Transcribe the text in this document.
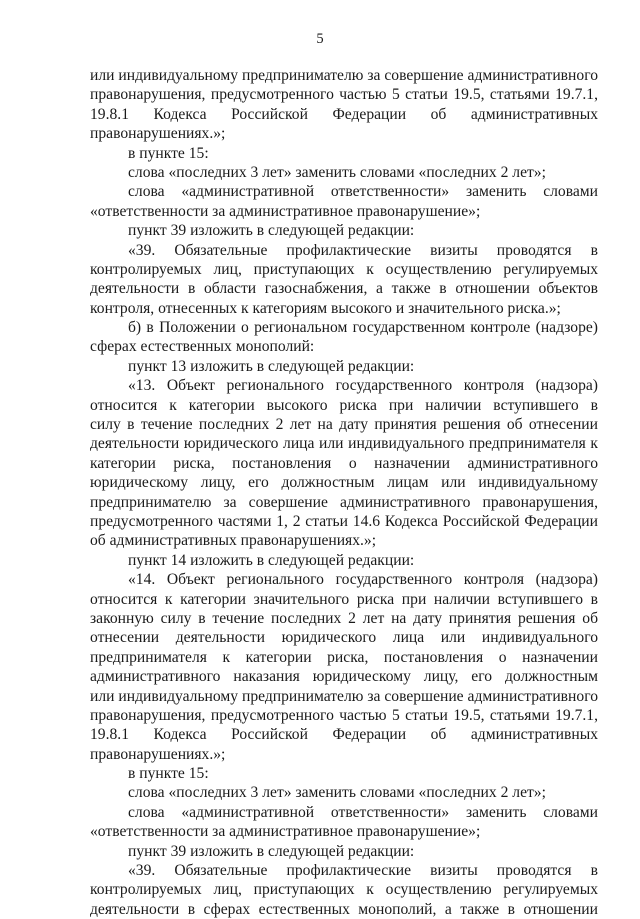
5
или индивидуальному предпринимателю за совершение административного
правонарушения, предусмотренного частью 5 статьи 19.5, статьями 19.7.1,
19.8.1 Кодекса Российской Федерации об административных
правонарушениях.»;
в пункте 15:
слова «последних 3 лет» заменить словами «последних 2 лет»;
слова «административной ответственности» заменить словами
«ответственности за административное правонарушение»;
пункт 39 изложить в следующей редакции:
«39. Обязательные профилактические визиты проводятся в
контролируемых лиц, приступающих к осуществлению регулируемых
деятельности в области газоснабжения, а также в отношении объектов
контроля, отнесенных к категориям высокого и значительного риска.»;
б) в Положении о региональном государственном контроле (надзоре)
сферах естественных монополий:
пункт 13 изложить в следующей редакции:
«13. Объект регионального государственного контроля (надзора)
относится к категории высокого риска при наличии вступившего в
силу в течение последних 2 лет на дату принятия решения об отнесении
деятельности юридического лица или индивидуального предпринимателя к
категории риска, постановления о назначении административного
юридическому лицу, его должностным лицам или индивидуальному
предпринимателю за совершение административного правонарушения,
предусмотренного частями 1, 2 статьи 14.6 Кодекса Российской Федерации
об административных правонарушениях.»;
пункт 14 изложить в следующей редакции:
«14. Объект регионального государственного контроля (надзора)
относится к категории значительного риска при наличии вступившего в
законную силу в течение последних 2 лет на дату принятия решения об
отнесении деятельности юридического лица или индивидуального
предпринимателя к категории риска, постановления о назначении
административного наказания юридическому лицу, его должностным
или индивидуальному предпринимателю за совершение административного
правонарушения, предусмотренного частью 5 статьи 19.5, статьями 19.7.1,
19.8.1 Кодекса Российской Федерации об административных
правонарушениях.»;
в пункте 15:
слова «последних 3 лет» заменить словами «последних 2 лет»;
слова «административной ответственности» заменить словами
«ответственности за административное правонарушение»;
пункт 39 изложить в следующей редакции:
«39. Обязательные профилактические визиты проводятся в
контролируемых лиц, приступающих к осуществлению регулируемых
деятельности в сферах естественных монополий, а также в отношении
